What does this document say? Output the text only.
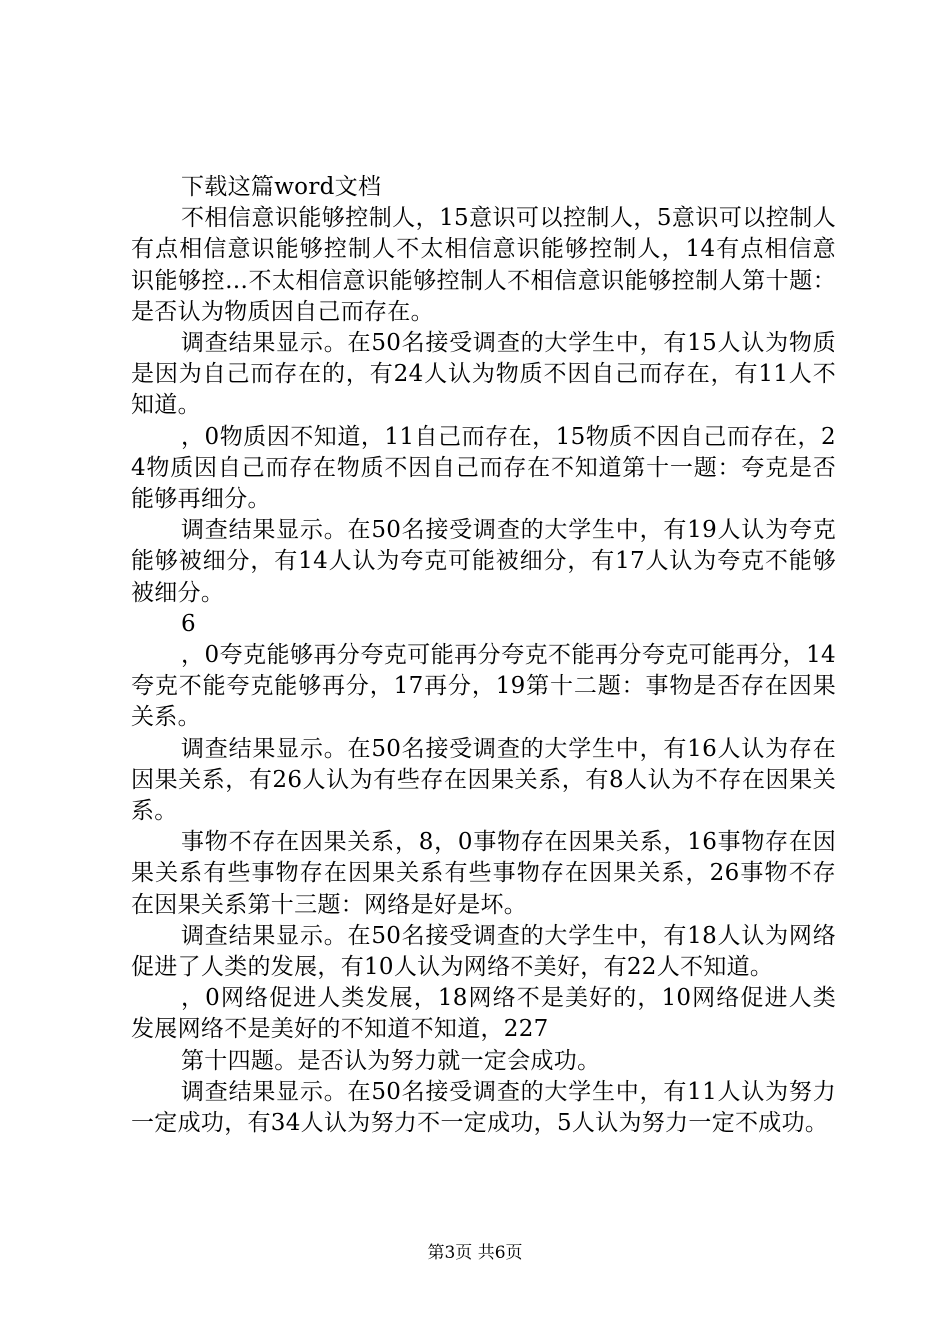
下载这篇word文档

不相信意识能够控制人，15意识可以控制人，5意识可以控制人有点相信意识能够控制人不太相信意识能够控制人，14有点相信意识能够控…不太相信意识能够控制人不相信意识能够控制人第十题：是否认为物质因自己而存在。

调查结果显示。在50名接受调查的大学生中，有15人认为物质是因为自己而存在的，有24人认为物质不因自己而存在，有11人不知道。

，0物质因不知道，11自己而存在，15物质不因自己而存在，24物质因自己而存在物质不因自己而存在不知道第十一题：夸克是否能够再细分。

调查结果显示。在50名接受调查的大学生中，有19人认为夸克能够被细分，有14人认为夸克可能被细分，有17人认为夸克不能够被细分。

6

，0夸克能够再分夸克可能再分夸克不能再分夸克可能再分，14夸克不能夸克能够再分，17再分，19第十二题：事物是否存在因果关系。

调查结果显示。在50名接受调查的大学生中，有16人认为存在因果关系，有26人认为有些存在因果关系，有8人认为不存在因果关系。

事物不存在因果关系，8，0事物存在因果关系，16事物存在因果关系有些事物存在因果关系有些事物存在因果关系，26事物不存在因果关系第十三题：网络是好是坏。

调查结果显示。在50名接受调查的大学生中，有18人认为网络促进了人类的发展，有10人认为网络不美好，有22人不知道。

，0网络促进人类发展，18网络不是美好的，10网络促进人类发展网络不是美好的不知道不知道，227

第十四题。是否认为努力就一定会成功。

调查结果显示。在50名接受调查的大学生中，有11人认为努力一定成功，有34人认为努力不一定成功，5人认为努力一定不成功。

第3页 共6页
